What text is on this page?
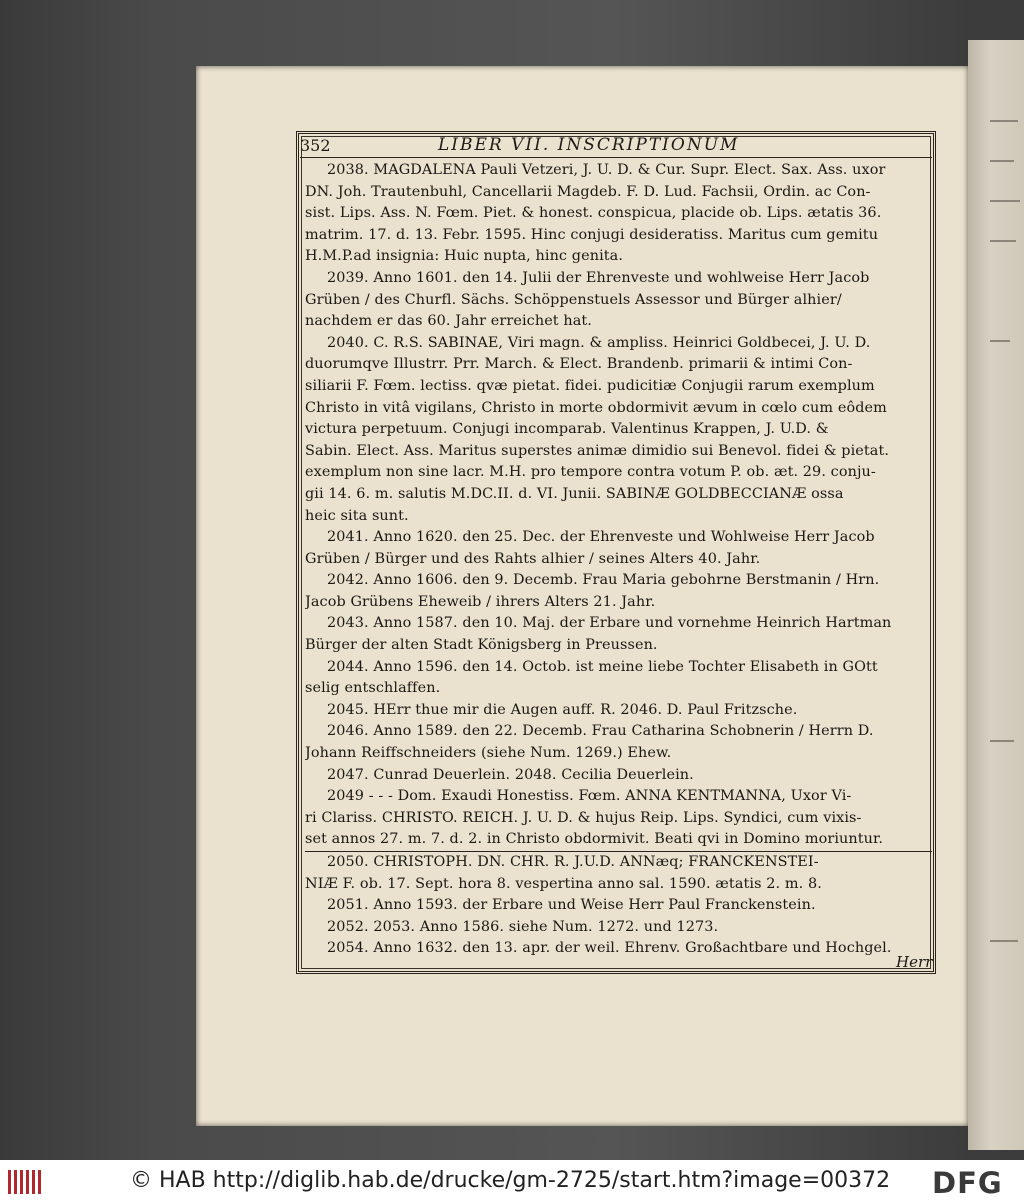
352	LIBER VII. INSCRIPTIONUM
2038. MAGDALENA Pauli Vetzeri, J. U. D. & Cur. Supr. Elect. Sax. Ass. uxor
DN. Joh. Trautenbuhl, Cancellarii Magdeb. F. D. Lud. Fachsii, Ordin. ac Con-
sist. Lips. Ass. N. Fœm. Piet. & honest. conspicua, placide ob. Lips. ætatis 36.
matrim. 17. d. 13. Febr. 1595. Hinc conjugi desideratiss. Maritus cum gemitu
H.M.P.ad insignia: Huic nupta, hinc genita.
2039. Anno 1601. den 14. Julii der Ehrenveste und wohlweise Herr Jacob
Grüben / des Churfl. Sächs. Schöppenstuels Assessor und Bürger alhier/
nachdem er das 60. Jahr erreichet hat.
2040. C. R.S. SABINAE, Viri magn. & ampliss. Heinrici Goldbecei, J. U. D.
duorumqve Illustrr. Prr. March. & Elect. Brandenb. primarii & intimi Con-
siliarii F. Fœm. lectiss. qvæ pietat. fidei. pudicitiæ Conjugii rarum exemplum
Christo in vitâ vigilans, Christo in morte obdormivit ævum in cœlo cum eôdem
victura perpetuum. Conjugi incomparab. Valentinus Krappen, J. U.D. &
Sabin. Elect. Ass. Maritus superstes animæ dimidio sui Benevol. fidei & pietat.
exemplum non sine lacr. M.H. pro tempore contra votum P. ob. æt. 29. conju-
gii 14. 6. m. salutis M.DC.II. d. VI. Junii. SABINÆ GOLDBECCIANÆ ossa
heic sita sunt.
2041. Anno 1620. den 25. Dec. der Ehrenveste und Wohlweise Herr Jacob
Grüben / Bürger und des Rahts alhier / seines Alters 40. Jahr.
2042. Anno 1606. den 9. Decemb. Frau Maria gebohrne Berstmanin / Hrn.
Jacob Grübens Eheweib / ihrers Alters 21. Jahr.
2043. Anno 1587. den 10. Maj. der Erbare und vornehme Heinrich Hartman
Bürger der alten Stadt Königsberg in Preussen.
2044. Anno 1596. den 14. Octob. ist meine liebe Tochter Elisabeth in GOtt
selig entschlaffen.
2045. HErr thue mir die Augen auff. R. 2046. D. Paul Fritzsche.
2046. Anno 1589. den 22. Decemb. Frau Catharina Schobnerin / Herrn D.
Johann Reiffschneiders (siehe Num. 1269.) Ehew.
2047. Cunrad Deuerlein. 2048. Cecilia Deuerlein.
2049 - - - Dom. Exaudi Honestiss. Fœm. ANNA KENTMANNA, Uxor Vi-
ri Clariss. CHRISTO. REICH. J. U. D. & hujus Reip. Lips. Syndici, cum vixis-
set annos 27. m. 7. d. 2. in Christo obdormivit. Beati qvi in Domino moriuntur.
2050. CHRISTOPH. DN. CHR. R. J.U.D. ANNæq; FRANCKENSTEI-
NIÆ F. ob. 17. Sept. hora 8. vespertina anno sal. 1590. ætatis 2. m. 8.
2051. Anno 1593. der Erbare und Weise Herr Paul Franckenstein.
2052. 2053. Anno 1586. siehe Num. 1272. und 1273.
2054. Anno 1632. den 13. apr. der weil. Ehrenv. Großachtbare und Hochgel.
Herr
© HAB http://diglib.hab.de/drucke/gm-2725/start.htm?image=00372 DFG
